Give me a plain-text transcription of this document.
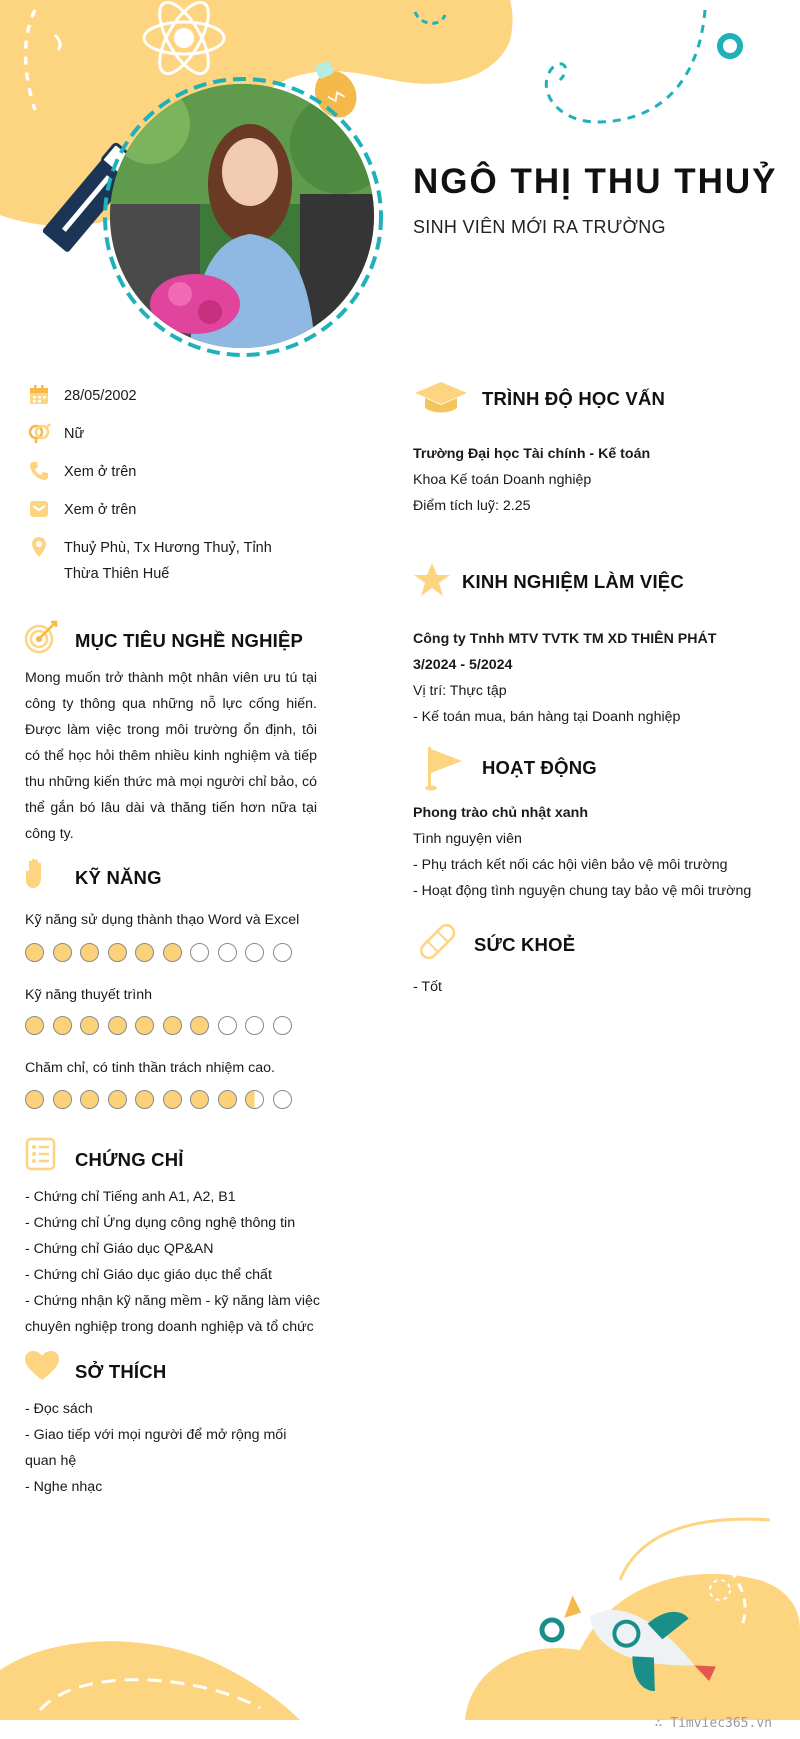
NGÔ THỊ THU THUỶ
SINH VIÊN MỚI RA TRƯỜNG
28/05/2002
Nữ
Xem ở trên
Xem ở trên
Thuỷ Phù, Tx Hương Thuỷ, Tỉnh Thừa Thiên Huế
MỤC TIÊU NGHỀ NGHIỆP
Mong muốn trở thành một nhân viên ưu tú tại công ty thông qua những nỗ lực cống hiến. Được làm việc trong môi trường ổn định, tôi có thể học hỏi thêm nhiều kinh nghiệm và tiếp thu những kiến thức mà mọi người chỉ bảo, có thể gắn bó lâu dài và thăng tiến hơn nữa tại công ty.
KỸ NĂNG
Kỹ năng sử dụng thành thạo Word và Excel
Kỹ năng thuyết trình
Chăm chỉ, có tinh thần trách nhiệm cao.
CHỨNG CHỈ
- Chứng chỉ Tiếng anh A1, A2, B1
- Chứng chỉ Ứng dụng công nghệ thông tin
- Chứng chỉ Giáo dục QP&AN
- Chứng chỉ Giáo dục giáo dục thể chất
- Chứng nhận kỹ năng mềm - kỹ năng làm việc chuyên nghiệp trong doanh nghiệp và tổ chức
SỞ THÍCH
- Đọc sách
- Giao tiếp với mọi người để mở rộng mối quan hệ
- Nghe nhạc
TRÌNH ĐỘ HỌC VẤN
Trường Đại học Tài chính - Kế toán
Khoa Kế toán Doanh nghiệp
Điểm tích luỹ: 2.25
KINH NGHIỆM LÀM VIỆC
Công ty Tnhh MTV TVTK TM XD THIÊN PHÁT
3/2024 - 5/2024
Vị trí: Thực tập
- Kế toán mua, bán hàng tại Doanh nghiệp
HOẠT ĐỘNG
Phong trào chủ nhật xanh
Tình nguyện viên
- Phụ trách kết nối các hội viên bảo vệ môi trường
- Hoạt động tình nguyện chung tay bảo vệ môi trường
SỨC KHOẺ
- Tốt
∴ Timviec365.vn
